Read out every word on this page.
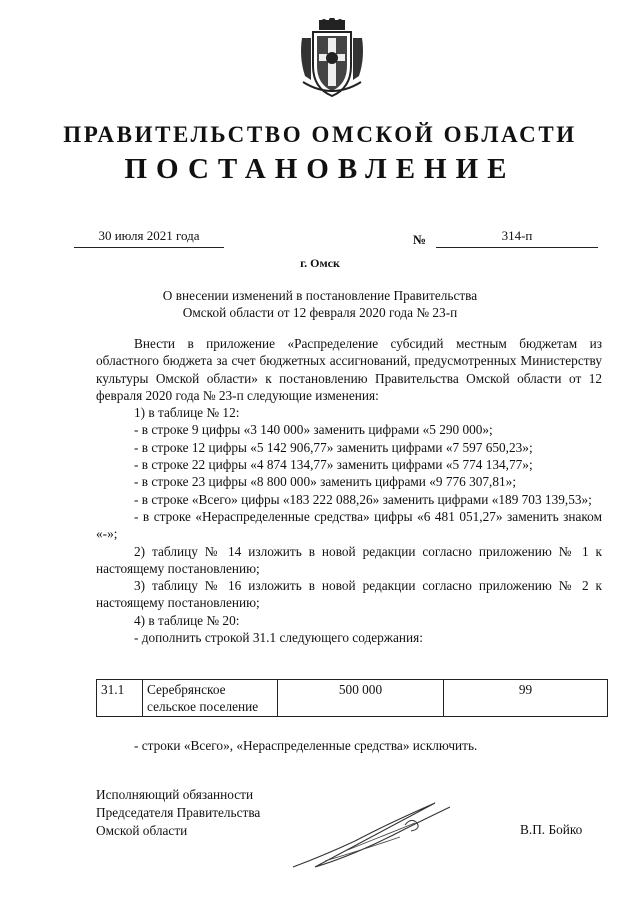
ПРАВИТЕЛЬСТВО ОМСКОЙ ОБЛАСТИ
ПОСТАНОВЛЕНИЕ
30 июля 2021 года	№	314-п
г. Омск
О внесении изменений в постановление Правительства
Омской области от 12 февраля 2020 года № 23-п

Внести в приложение «Распределение субсидий местным бюджетам из областного бюджета за счет бюджетных ассигнований, предусмотренных Министерству культуры Омской области» к постановлению Правительства Омской области от 12 февраля 2020 года № 23-п следующие изменения:

1) в таблице № 12:

- в строке 9 цифры «3 140 000» заменить цифрами «5 290 000»;

- в строке 12 цифры «5 142 906,77» заменить цифрами «7 597 650,23»;

- в строке 22 цифры «4 874 134,77» заменить цифрами «5 774 134,77»;

- в строке 23 цифры «8 800 000» заменить цифрами «9 776 307,81»;

- в строке «Всего» цифры «183 222 088,26» заменить цифрами «189 703 139,53»;

- в строке «Нераспределенные средства» цифры «6 481 051,27» заменить знаком «-»;

2) таблицу № 14 изложить в новой редакции согласно приложению № 1 к настоящему постановлению;

3) таблицу № 16 изложить в новой редакции согласно приложению № 2 к настоящему постановлению;

4) в таблице № 20:

- дополнить строкой 31.1 следующего содержания:

31.1	Серебрянское сельское поселение	500 000	99
- строки «Всего», «Нераспределенные средства» исключить.
Исполняющий обязанности
Председателя Правительства
Омской области	В.П. Бойко
